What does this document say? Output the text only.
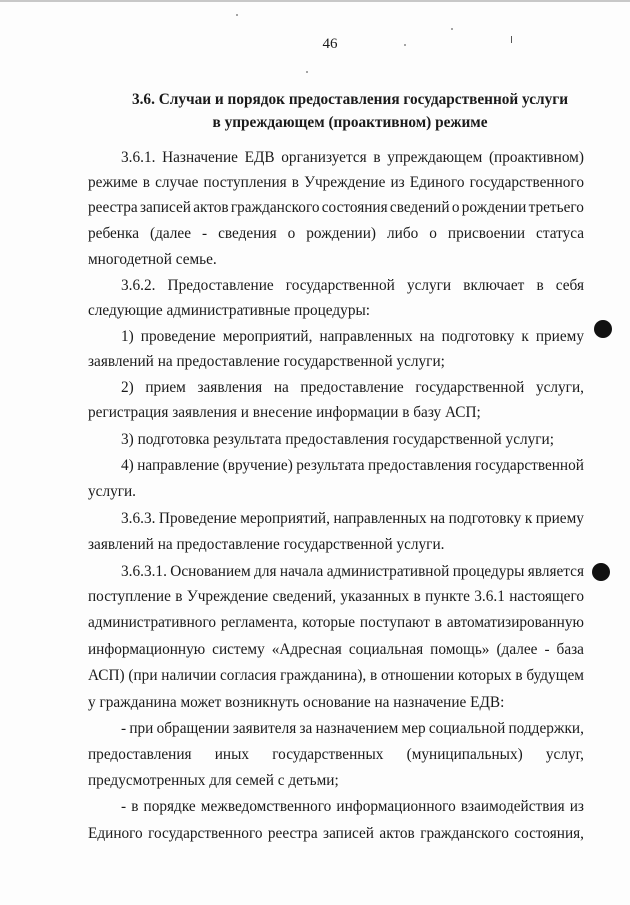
46
3.6. Случаи и порядок предоставления государственной услуги
в упреждающем (проактивном) режиме
3.6.1. Назначение ЕДВ организуется в упреждающем (проактивном)
режиме в случае поступления в Учреждение из Единого государственного
реестра записей актов гражданского состояния сведений о рождении третьего
ребенка (далее - сведения о рождении) либо о присвоении статуса
многодетной семье.
3.6.2. Предоставление государственной услуги включает в себя
следующие административные процедуры:
1) проведение мероприятий, направленных на подготовку к приему
заявлений на предоставление государственной услуги;
2) прием заявления на предоставление государственной услуги,
регистрация заявления и внесение информации в базу АСП;
3) подготовка результата предоставления государственной услуги;
4) направление (вручение) результата предоставления государственной
услуги.
3.6.3. Проведение мероприятий, направленных на подготовку к приему
заявлений на предоставление государственной услуги.
3.6.3.1. Основанием для начала административной процедуры является
поступление в Учреждение сведений, указанных в пункте 3.6.1 настоящего
административного регламента, которые поступают в автоматизированную
информационную систему «Адресная социальная помощь» (далее - база
АСП) (при наличии согласия гражданина), в отношении которых в будущем
у гражданина может возникнуть основание на назначение ЕДВ:
- при обращении заявителя за назначением мер социальной поддержки,
предоставления иных государственных (муниципальных) услуг,
предусмотренных для семей с детьми;
- в порядке межведомственного информационного взаимодействия из
Единого государственного реестра записей актов гражданского состояния,
